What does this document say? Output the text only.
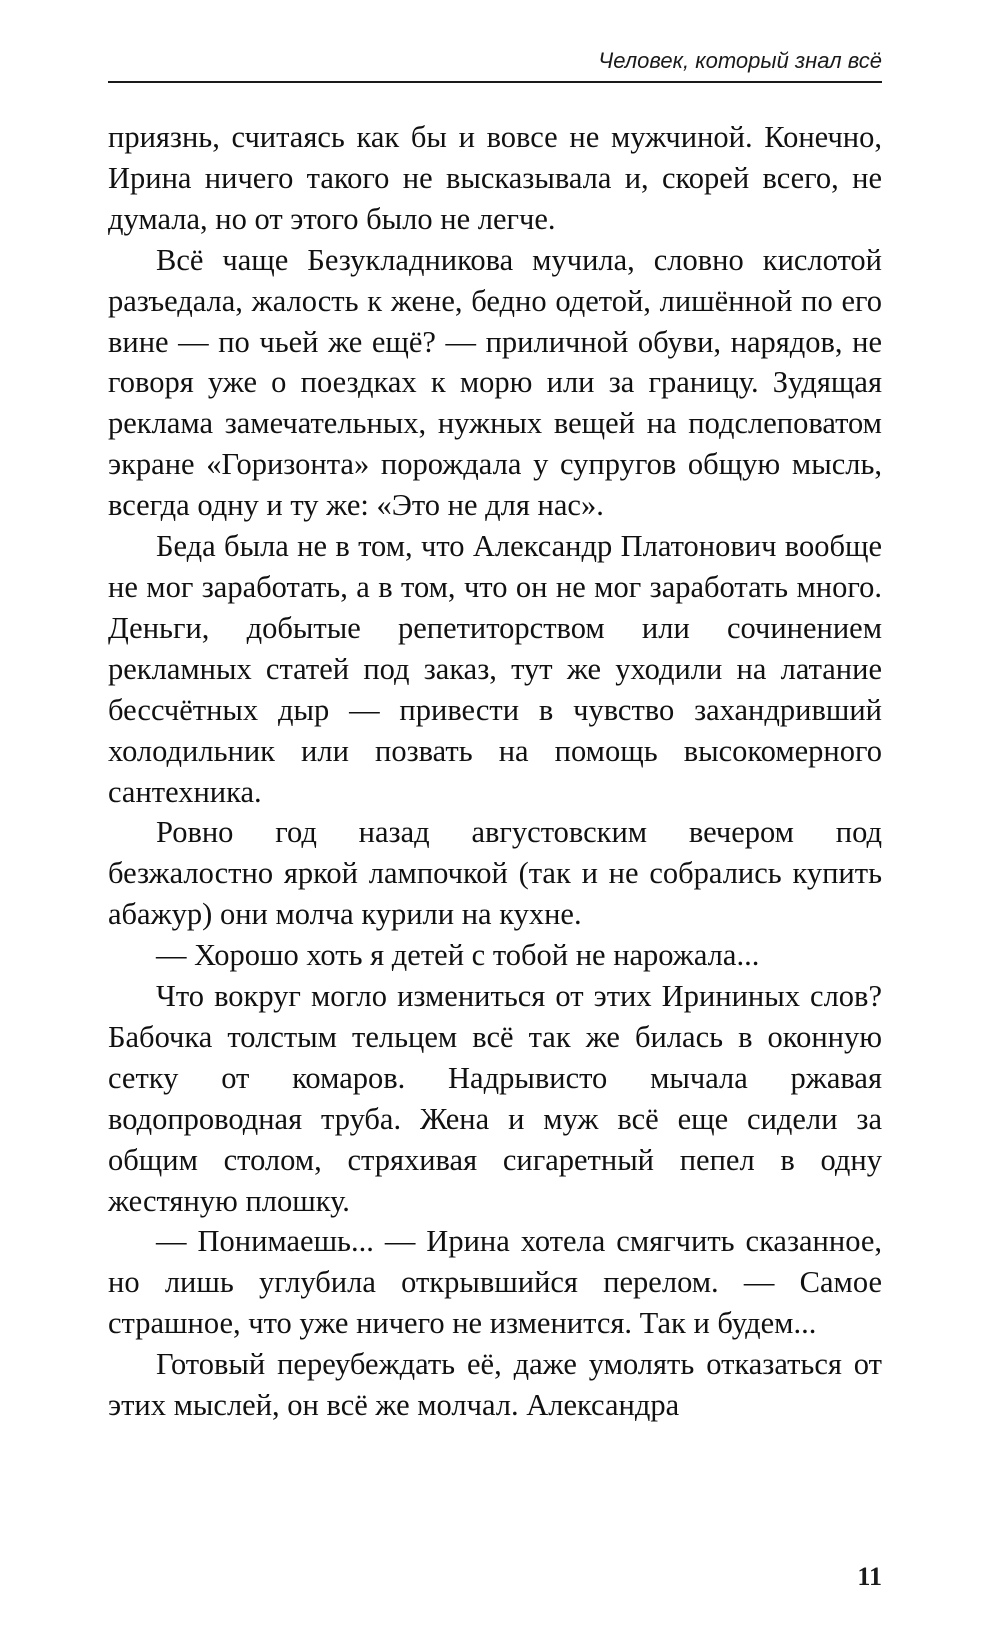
Человек, который знал всё

приязнь, считаясь как бы и вовсе не мужчиной. Конечно, Ирина ничего такого не высказывала и, скорей всего, не думала, но от этого было не легче.

Всё чаще Безукладникова мучила, словно кислотой разъедала, жалость к жене, бедно одетой, лишённой по его вине — по чьей же ещё? — приличной обуви, нарядов, не говоря уже о поездках к морю или за границу. Зудящая реклама замечательных, нужных вещей на подслеповатом экране «Горизонта» порождала у супругов общую мысль, всегда одну и ту же: «Это не для нас».

Беда была не в том, что Александр Платонович вообще не мог заработать, а в том, что он не мог заработать много. Деньги, добытые репетиторством или сочинением рекламных статей под заказ, тут же уходили на латание бессчётных дыр — привести в чувство захандривший холодильник или позвать на помощь высокомерного сантехника.

Ровно год назад августовским вечером под безжалостно яркой лампочкой (так и не собрались купить абажур) они молча курили на кухне.

— Хорошо хоть я детей с тобой не нарожала...

Что вокруг могло измениться от этих Ирининых слов? Бабочка толстым тельцем всё так же билась в оконную сетку от комаров. Надрывисто мычала ржавая водопроводная труба. Жена и муж всё еще сидели за общим столом, стряхивая сигаретный пепел в одну жестяную плошку.

— Понимаешь... — Ирина хотела смягчить сказанное, но лишь углубила открывшийся перелом. — Самое страшное, что уже ничего не изменится. Так и будем...

Готовый переубеждать её, даже умолять отказаться от этих мыслей, он всё же молчал. Александра

11
